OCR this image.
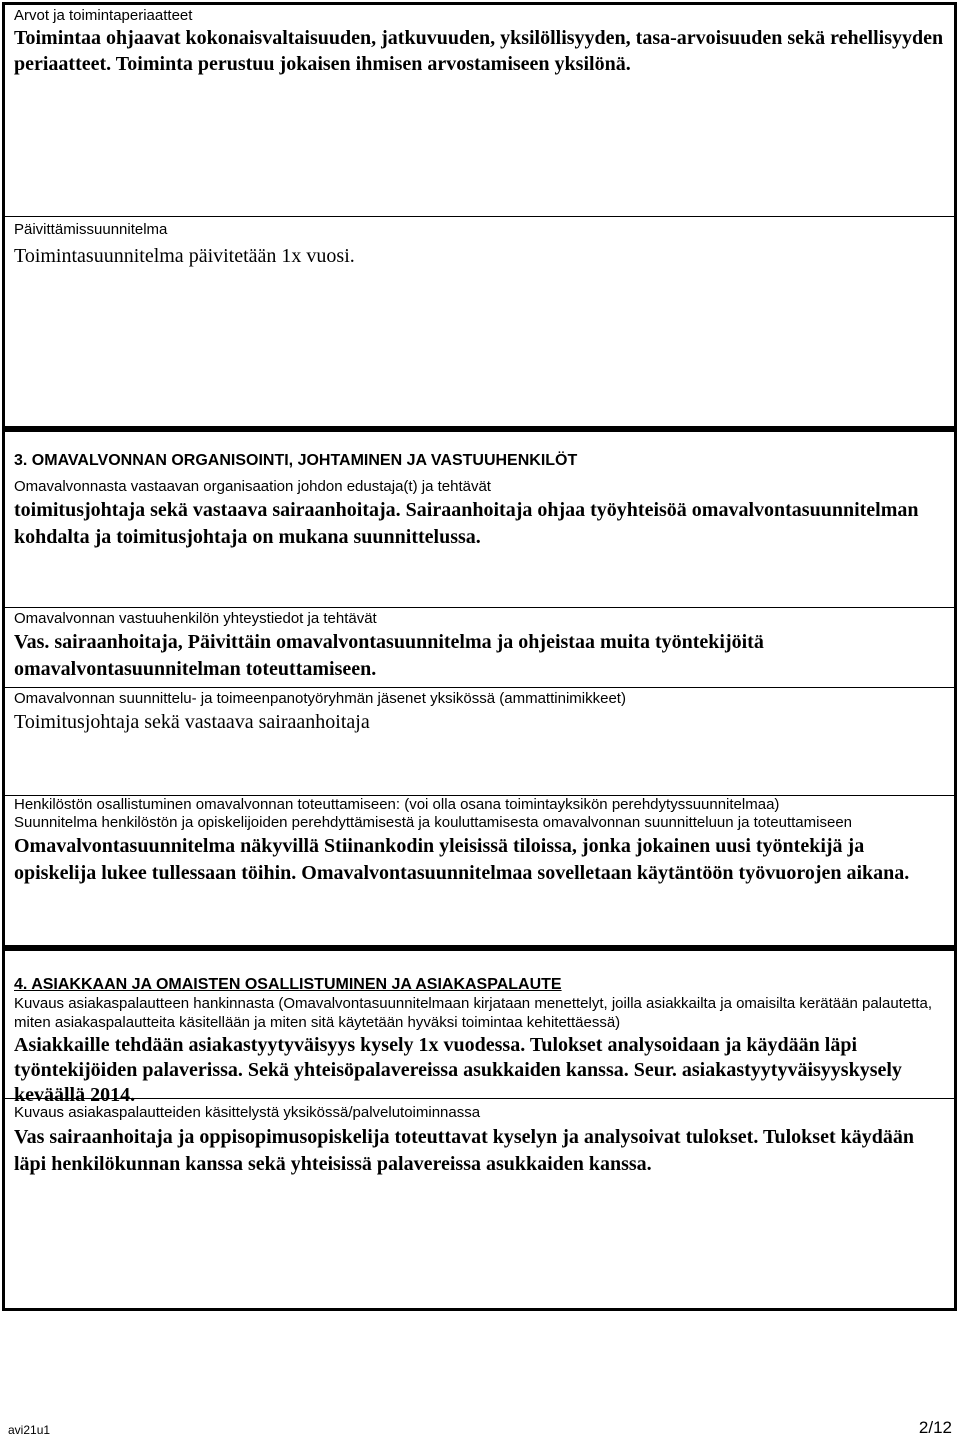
Arvot ja toimintaperiaatteet
Toimintaa ohjaavat kokonaisvaltaisuuden, jatkuvuuden, yksilöllisyyden, tasa-arvoisuuden sekä rehellisyyden periaatteet. Toiminta perustuu jokaisen ihmisen arvostamiseen yksilönä.
Päivittämissuunnitelma
Toimintasuunnitelma päivitetään 1x vuosi.
3. OMAVALVONNAN ORGANISOINTI, JOHTAMINEN JA VASTUUHENKILÖT
Omavalvonnasta vastaavan organisaation johdon edustaja(t) ja tehtävät
toimitusjohtaja sekä vastaava sairaanhoitaja. Sairaanhoitaja ohjaa työyhteisöä omavalvontasuunnitelman kohdalta ja toimitusjohtaja on mukana suunnittelussa.
Omavalvonnan vastuuhenkilön yhteystiedot ja tehtävät
Vas. sairaanhoitaja, Päivittäin omavalvontasuunnitelma ja ohjeistaa muita työntekijöitä omavalvontasuunnitelman toteuttamiseen.
Omavalvonnan suunnittelu- ja toimeenpanotyöryhmän jäsenet yksikössä (ammattinimikkeet)
Toimitusjohtaja sekä vastaava sairaanhoitaja
Henkilöstön osallistuminen omavalvonnan toteuttamiseen: (voi olla osana toimintayksikön perehdytyssuunnitelmaa)
Suunnitelma henkilöstön ja opiskelijoiden perehdyttämisestä ja kouluttamisesta omavalvonnan suunnitteluun ja toteuttamiseen
Omavalvontasuunnitelma näkyvillä Stiinankodin yleisissä tiloissa, jonka jokainen uusi työntekijä ja opiskelija lukee tullessaan töihin. Omavalvontasuunnitelmaa sovelletaan käytäntöön työvuorojen aikana.
4. ASIAKKAAN JA OMAISTEN OSALLISTUMINEN JA ASIAKASPALAUTE
Kuvaus asiakaspalautteen hankinnasta (Omavalvontasuunnitelmaan kirjataan menettelyt, joilla asiakkailta ja omaisilta kerätään palautetta, miten asiakaspalautteita käsitellään ja miten sitä käytetään hyväksi toimintaa kehitettäessä)
Asiakkaille tehdään asiakastyytyväisyys kysely 1x vuodessa. Tulokset analysoidaan ja käydään läpi työntekijöiden palaverissa. Sekä yhteisöpalavereissa asukkaiden kanssa. Seur. asiakastyytyväisyyskysely keväällä 2014.
Kuvaus asiakaspalautteiden käsittelystä yksikössä/palvelutoiminnassa
Vas sairaanhoitaja ja oppisopimusopiskelija toteuttavat kyselyn ja analysoivat tulokset. Tulokset käydään läpi henkilökunnan kanssa sekä yhteisissä palavereissa asukkaiden kanssa.
avi21u1	2/12
